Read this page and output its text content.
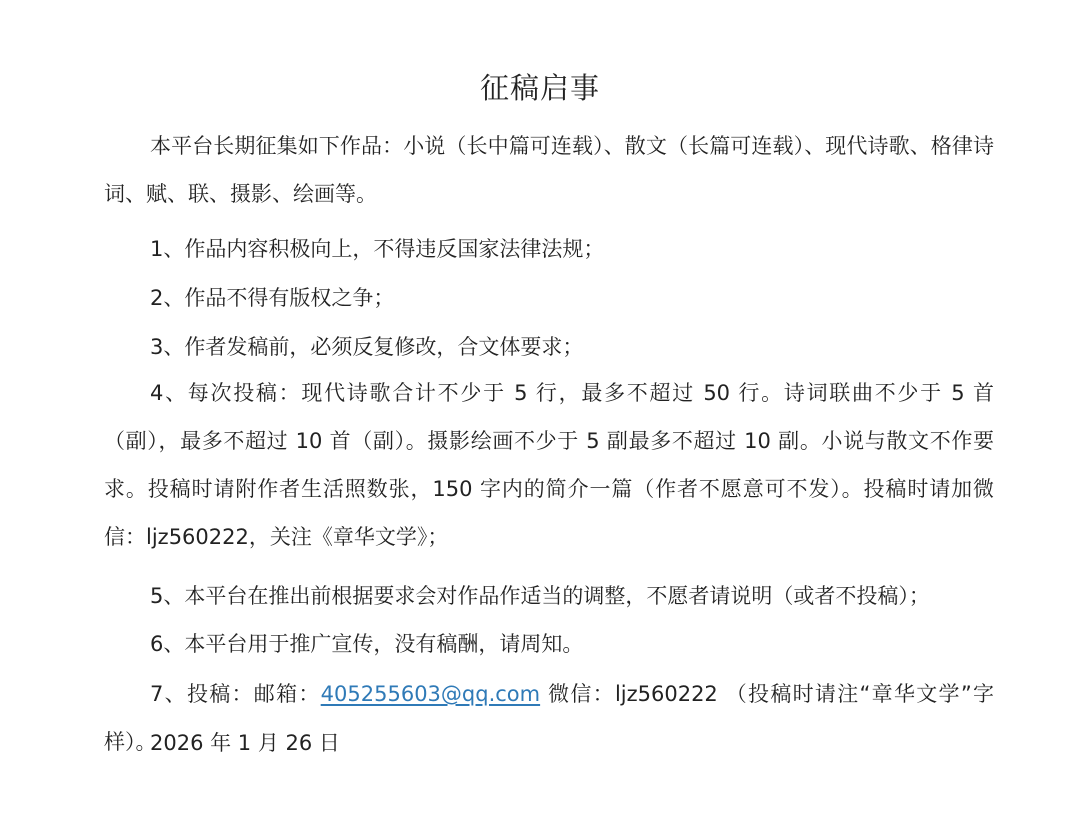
征稿启事

本平台长期征集如下作品：小说（长中篇可连载）、散文（长篇可连载）、现代诗歌、格律诗词、赋、联、摄影、绘画等。

1、作品内容积极向上，不得违反国家法律法规；

2、作品不得有版权之争；

3、作者发稿前，必须反复修改，合文体要求；

4、每次投稿：现代诗歌合计不少于 5 行，最多不超过 50 行。诗词联曲不少于 5 首（副），最多不超过 10 首（副）。摄影绘画不少于 5 副最多不超过 10 副。小说与散文不作要求。投稿时请附作者生活照数张，150 字内的简介一篇（作者不愿意可不发）。投稿时请加微信：ljz560222，关注《章华文学》；

5、本平台在推出前根据要求会对作品作适当的调整，不愿者请说明（或者不投稿）；

6、本平台用于推广宣传，没有稿酬，请周知。

7、投稿：邮箱：405255603@qq.com 微信：ljz560222 （投稿时请注“章华文学”字样）。

2026 年 1 月 26 日
